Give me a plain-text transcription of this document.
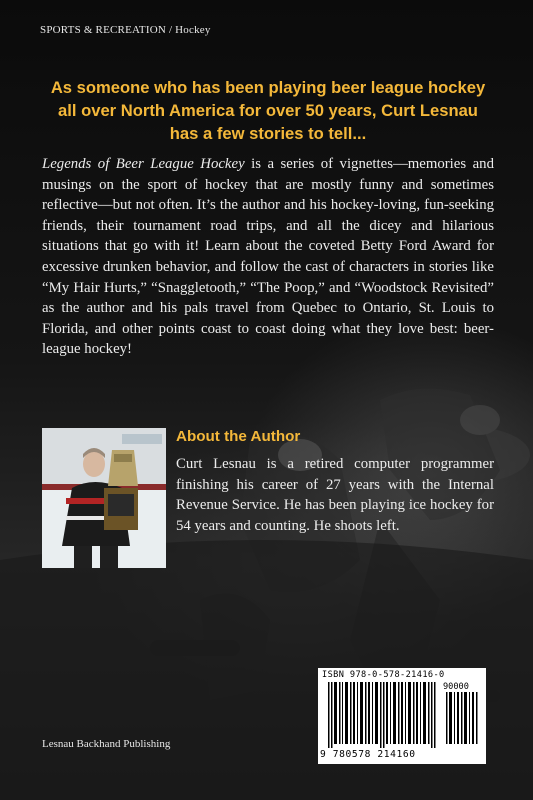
SPORTS & RECREATION / Hockey
As someone who has been playing beer league hockey all over North America for over 50 years, Curt Lesnau has a few stories to tell...
Legends of Beer League Hockey is a series of vignettes—memories and musings on the sport of hockey that are mostly funny and sometimes reflective—but not often. It’s the author and his hockey-loving, fun-seeking friends, their tournament road trips, and all the dicey and hilarious situations that go with it! Learn about the coveted Betty Ford Award for excessive drunken behavior, and follow the cast of characters in stories like “My Hair Hurts,” “Snaggletooth,” “The Poop,” and “Woodstock Revisited” as the author and his pals travel from Quebec to Ontario, St. Louis to Florida, and other points coast to coast doing what they love best: beer-league hockey!
About the Author
Curt Lesnau is a retired computer programmer finishing his career of 27 years with the Internal Revenue Service. He has been playing ice hockey for 54 years and counting. He shoots left.
ISBN 978-0-578-21416-0
90000
9 780578 214160
Lesnau Backhand Publishing
